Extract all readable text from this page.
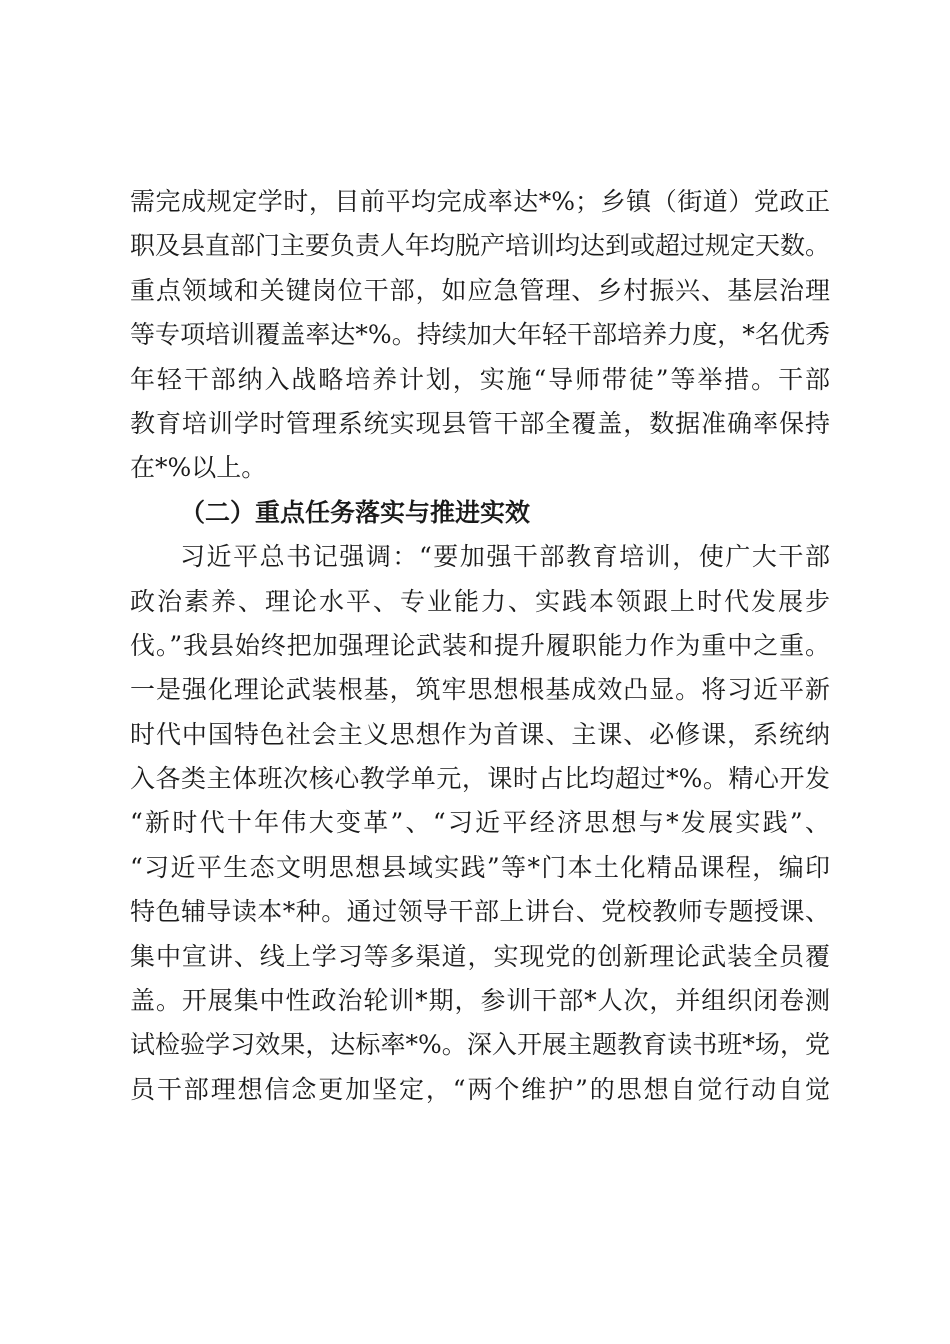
需完成规定学时，目前平均完成率达*%；乡镇（街道）党政正
职及县直部门主要负责人年均脱产培训均达到或超过规定天数。
重点领域和关键岗位干部，如应急管理、乡村振兴、基层治理
等专项培训覆盖率达*%。持续加大年轻干部培养力度，*名优秀
年轻干部纳入战略培养计划，实施“导师带徒”等举措。干部
教育培训学时管理系统实现县管干部全覆盖，数据准确率保持
在*%以上。
（二）重点任务落实与推进实效
习近平总书记强调：“要加强干部教育培训，使广大干部
政治素养、理论水平、专业能力、实践本领跟上时代发展步
伐。”我县始终把加强理论武装和提升履职能力作为重中之重。
一是强化理论武装根基，筑牢思想根基成效凸显。将习近平新
时代中国特色社会主义思想作为首课、主课、必修课，系统纳
入各类主体班次核心教学单元，课时占比均超过*%。精心开发
“新时代十年伟大变革”、“习近平经济思想与*发展实践”、
“习近平生态文明思想县域实践”等*门本土化精品课程，编印
特色辅导读本*种。通过领导干部上讲台、党校教师专题授课、
集中宣讲、线上学习等多渠道，实现党的创新理论武装全员覆
盖。开展集中性政治轮训*期，参训干部*人次，并组织闭卷测
试检验学习效果，达标率*%。深入开展主题教育读书班*场，党
员干部理想信念更加坚定，“两个维护”的思想自觉行动自觉
